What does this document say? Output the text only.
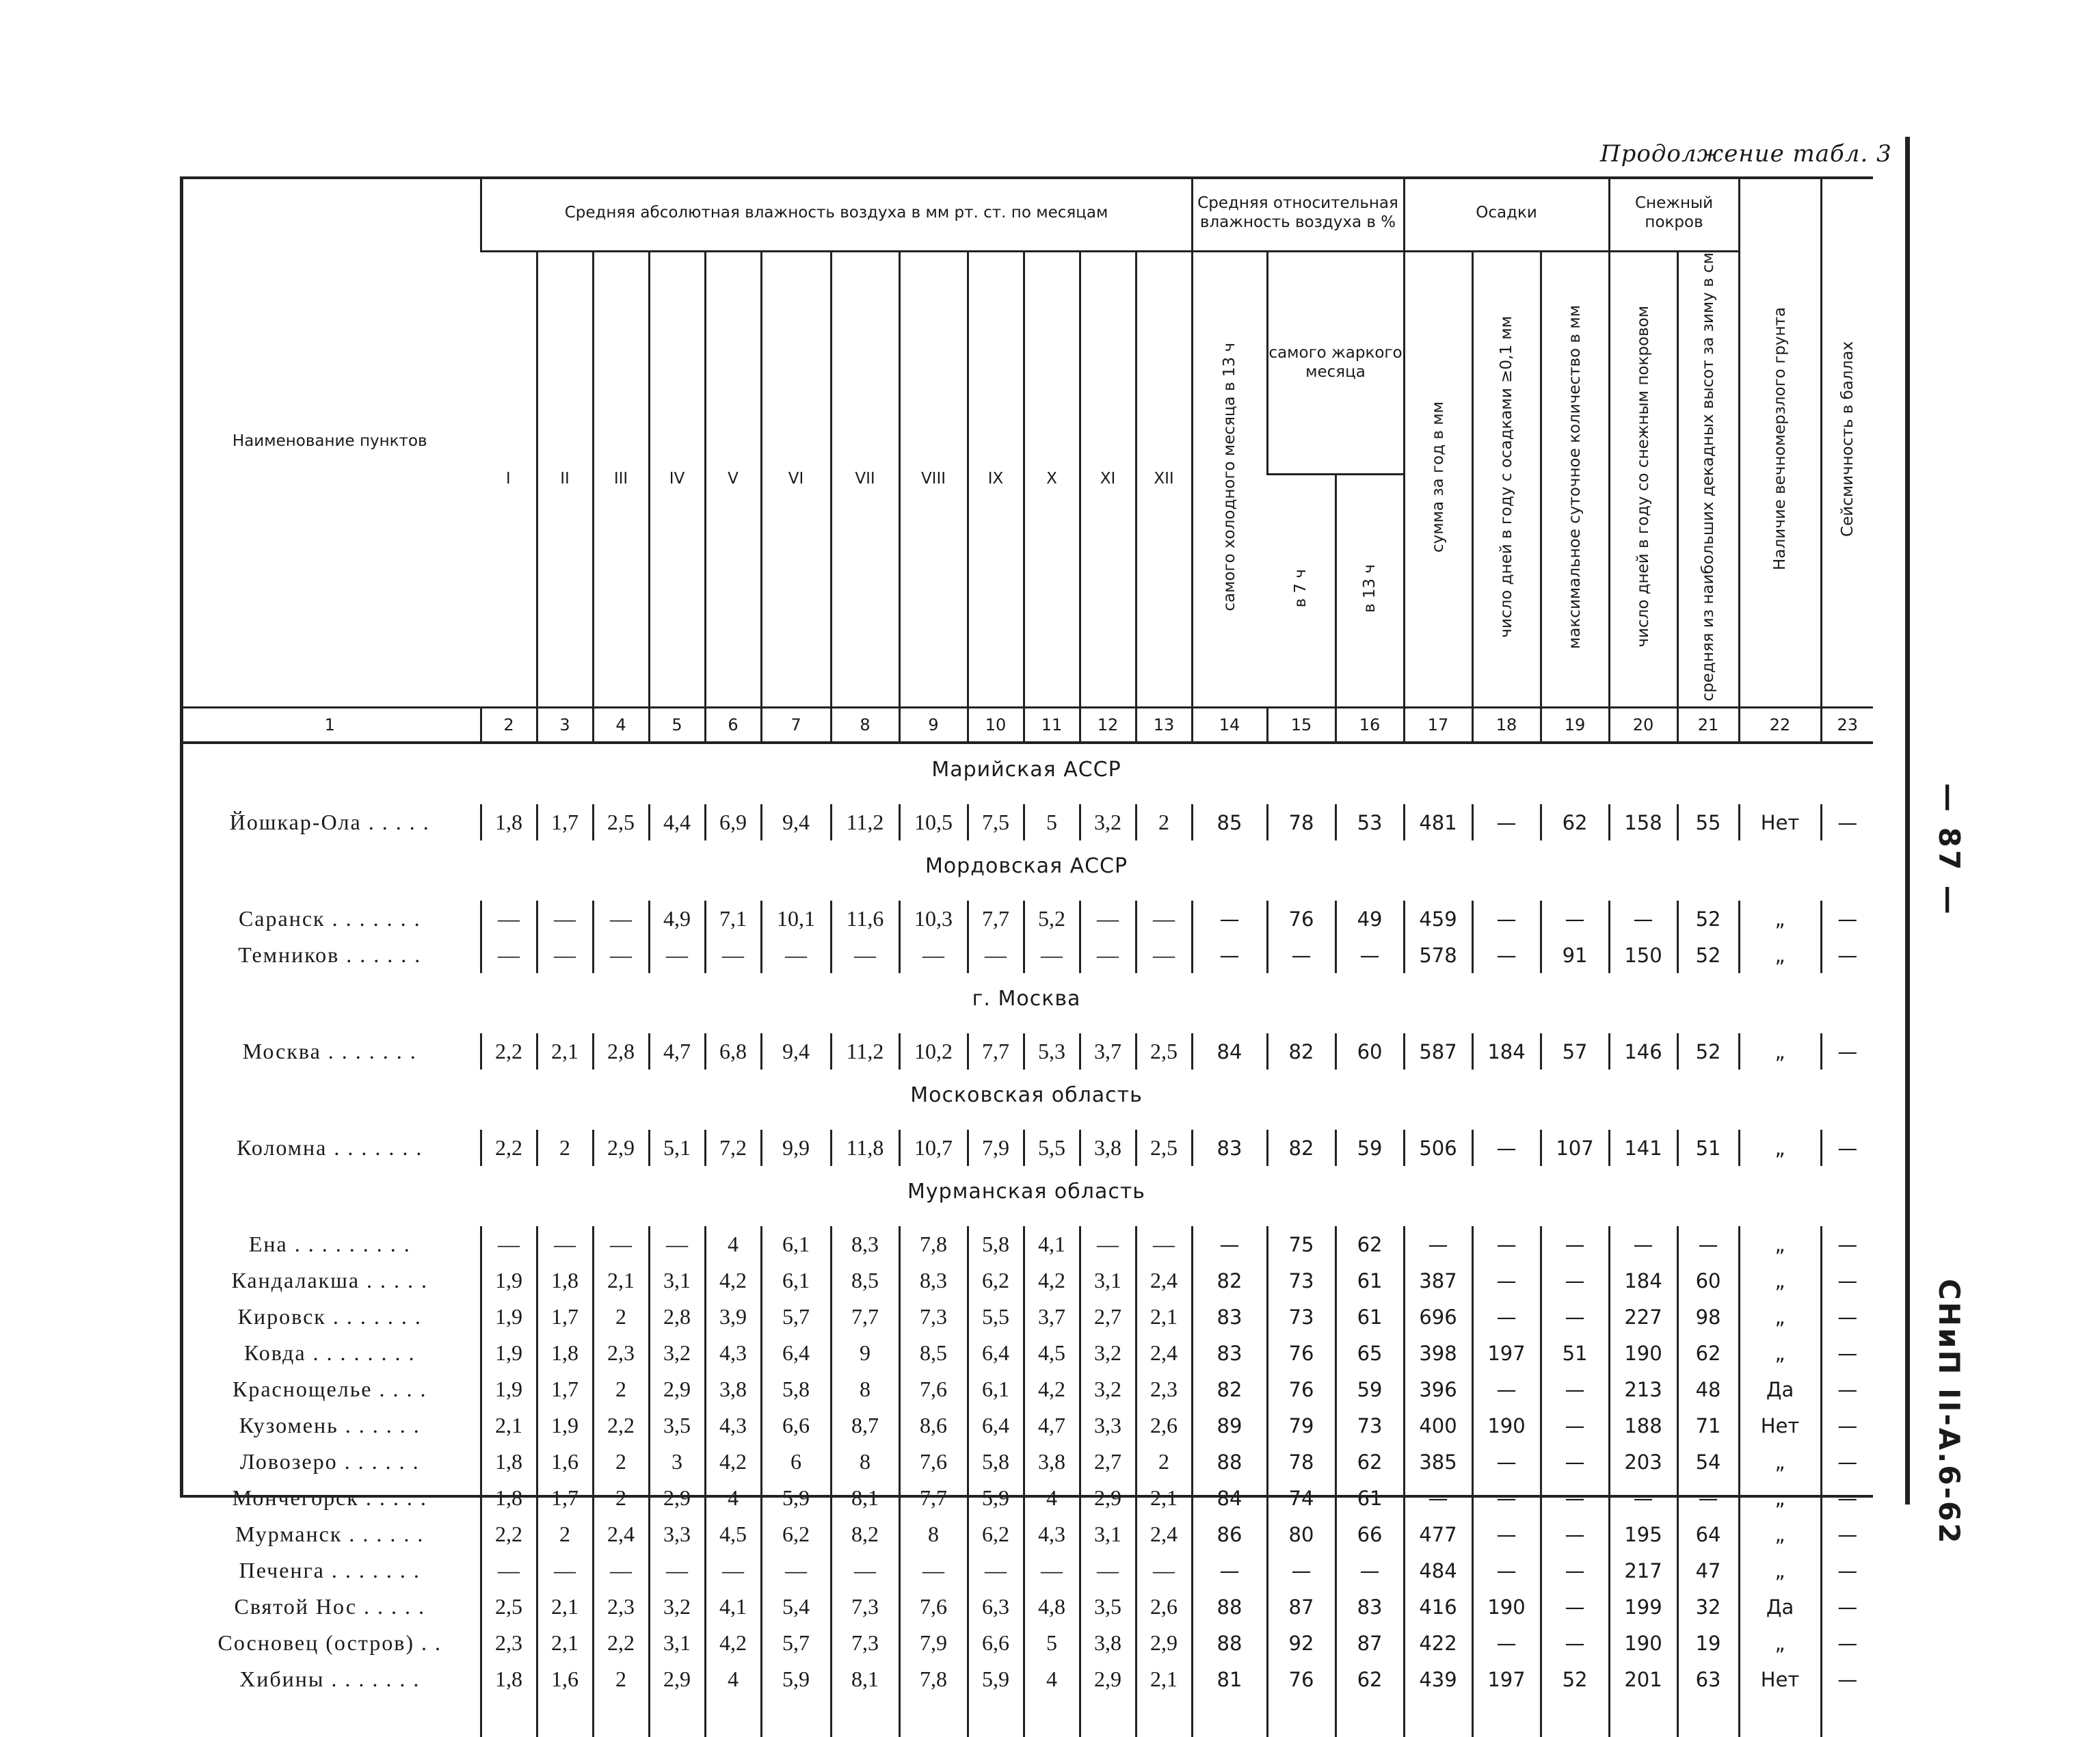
Продолжение табл. 3
Наименование пунктов	Средняя абсолютная влажность воздуха в мм рт. ст. по месяцам												Средняя относительная влажность воздуха в %			Осадки			Снежный покров		Наличие вечномерзлого грунта	Сейсмичность в баллах
	I	II	III	IV	V	VI	VII	VIII	IX	X	XI	XII	самого холодного месяца в 13 ч	самого жаркого месяца		сумма за год в мм	число дней в году с осадками ≥0,1 мм	максимальное суточное количество в мм	число дней в году со снежным покровом	средняя из наибольших декадных высот за зиму в см		
														в 7 ч	в 13 ч							
1	2	3	4	5	6	7	8	9	10	11	12	13	14	15	16	17	18	19	20	21	22	23
Марийская АССР																						

Йошкар-Ола . . . . .	1,8	1,7	2,5	4,4	6,9	9,4	11,2	10,5	7,5	5	3,2	2	85	78	53	481	—	62	158	55	Нет	—
Мордовская АССР																						

Саранск . . . . . . .	—	—	—	4,9	7,1	10,1	11,6	10,3	7,7	5,2	—	—	—	76	49	459	—	—	—	52	„	—
Темников . . . . . .	—	—	—	—	—	—	—	—	—	—	—	—	—	—	—	578	—	91	150	52	„	—
г. Москва																						

Москва . . . . . . .	2,2	2,1	2,8	4,7	6,8	9,4	11,2	10,2	7,7	5,3	3,7	2,5	84	82	60	587	184	57	146	52	„	—
Московская область																						

Коломна . . . . . . .	2,2	2	2,9	5,1	7,2	9,9	11,8	10,7	7,9	5,5	3,8	2,5	83	82	59	506	—	107	141	51	„	—
Мурманская область																						

Ена . . . . . . . . .	—	—	—	—	4	6,1	8,3	7,8	5,8	4,1	—	—	—	75	62	—	—	—	—	—	„	—
Кандалакша . . . . .	1,9	1,8	2,1	3,1	4,2	6,1	8,5	8,3	6,2	4,2	3,1	2,4	82	73	61	387	—	—	184	60	„	—
Кировск . . . . . . .	1,9	1,7	2	2,8	3,9	5,7	7,7	7,3	5,5	3,7	2,7	2,1	83	73	61	696	—	—	227	98	„	—
Ковда . . . . . . . .	1,9	1,8	2,3	3,2	4,3	6,4	9	8,5	6,4	4,5	3,2	2,4	83	76	65	398	197	51	190	62	„	—
Краснощелье . . . .	1,9	1,7	2	2,9	3,8	5,8	8	7,6	6,1	4,2	3,2	2,3	82	76	59	396	—	—	213	48	Да	—
Кузомень . . . . . .	2,1	1,9	2,2	3,5	4,3	6,6	8,7	8,6	6,4	4,7	3,3	2,6	89	79	73	400	190	—	188	71	Нет	—
Ловозеро . . . . . .	1,8	1,6	2	3	4,2	6	8	7,6	5,8	3,8	2,7	2	88	78	62	385	—	—	203	54	„	—
Мончегорск . . . . .	1,8	1,7	2	2,9	4	5,9	8,1	7,7	5,9	4	2,9	2,1	84	74	61	—	—	—	—	—	„	—
Мурманск . . . . . .	2,2	2	2,4	3,3	4,5	6,2	8,2	8	6,2	4,3	3,1	2,4	86	80	66	477	—	—	195	64	„	—
Печенга . . . . . . .	—	—	—	—	—	—	—	—	—	—	—	—	—	—	—	484	—	—	217	47	„	—
Святой Нос . . . . .	2,5	2,1	2,3	3,2	4,1	5,4	7,3	7,6	6,3	4,8	3,5	2,6	88	87	83	416	190	—	199	32	Да	—
Сосновец (остров) . .	2,3	2,1	2,2	3,1	4,2	5,7	7,3	7,9	6,6	5	3,8	2,9	88	92	87	422	—	—	190	19	„	—
Хибины . . . . . . .	1,8	1,6	2	2,9	4	5,9	8,1	7,8	5,9	4	2,9	2,1	81	76	62	439	197	52	201	63	Нет	—

— 87 —
СНиП II-А.6-62
